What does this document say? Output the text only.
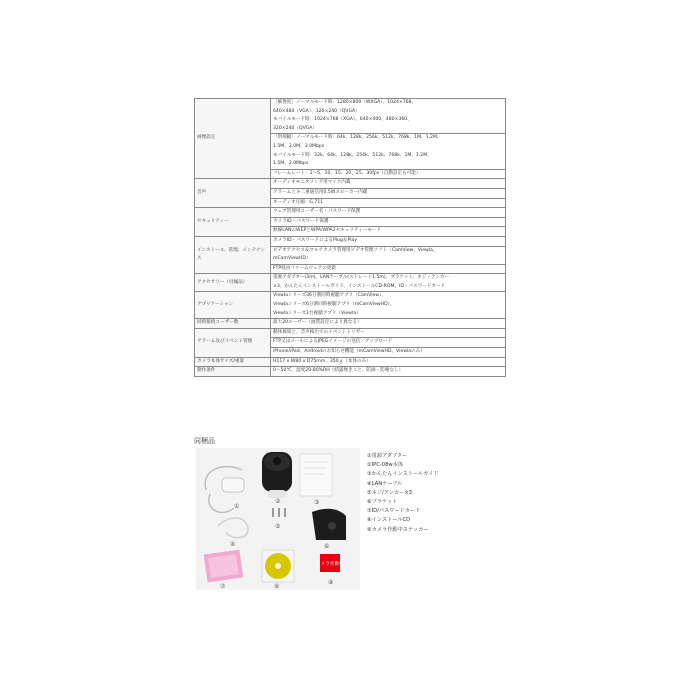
画像設定	［解像度］ノーマルモード時：1280×800（WXGA）、1024×768、
640×480（VGA）、320×240（QVGA）
モバイルモード時：1024×768（XGA）、640×400、480×360、
320×240（QVGA）
	［帯域幅］ノーマルモード時：64k、128k、256k、512k、768k、1M、1.2M、
1.5M、2.0M、3.0Mbps
モバイルモード時：32k、64k、128k、256k、512k、768k、1M、1.2M、
1.5M、2.0Mbps
	フレームレート：1～5、10、15、20、25、30fps（自動設定も可能）
音声	オーディオモニタリング用マイク内蔵
	アラームとキ二重通信用0.5Wスピーカー内蔵
	オーディオ圧縮：G.711
セキュリティー	ウェブ管理用ユーザー名・パスワード保護
	カメラID・パスワード保護
	無線LANのWEPとWPA/WPA2セキュリティーモード
インストール、管理、メンテナンス	カメラID・パスワードによるPlug＆Play
	ビデオアクセス＆マルチカメラ管理用ビデオ管理ソフト（CamView、Viewla、
mCamViewHD）
	FTP経由ファームウェアの更新
アクセサリー（付属品）	電源アダプター(3m)、LANケーブル(ストレート1.5m)、ブラケット、ネジ・アンカー
×3、かんたんインストールガイド、インストールCD-ROM、ID・パスワードカード
アプリケーション	Viewlaシリーズ36分割同時視聴アプリ（CamView）、
Viewlaシリーズ6分割同時視聴アプリ（mCamViewHD）、
Viewlaシリーズ1台視聴アプリ（Viewla）
同時接続ユーザー数	最大20ユーザー（画質設定により異なる）
アラーム及びイベント管理	動体検知と、音声検出でのイベントトリガー
	FTP又はメールによるJPEGイメージの送信／アップロード
	iPhone/iPad、Androidのお知らせ機能（mCamViewHD、Viewlaのみ）
カメラ本体サイズ/重量	H117 x W80 x D75mm、350ｇ（本体のみ）
動作条件	0～50℃、湿度20-80%RH（結露無きこと、防滴・防塵なし）
同梱品
カメラ作動中
①
②	③
④
⑤
⑥
⑦	⑧
⑨
①電源アダプター
②IPC-08w本体
③かんたんインストールガイド
④LANケーブル
⑤ネジ/アンカー×3
⑥ブラケット
⑦ID/パスワードカード
⑧インストールCD
⑨カメラ作動中ステッカー
